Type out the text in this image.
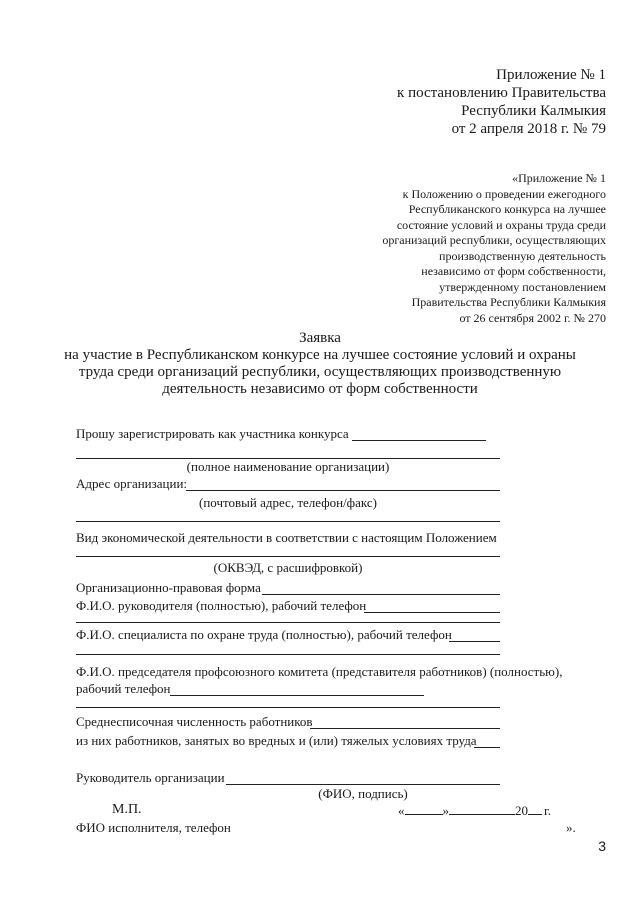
Приложение № 1
к постановлению Правительства
Республики Калмыкия
от 2 апреля 2018 г. № 79
«Приложение № 1
к Положению о проведении ежегодного
Республиканского конкурса на лучшее
состояние условий и охраны труда среди
организаций республики, осуществляющих
производственную деятельность
независимо от форм собственности,
утвержденному постановлением
Правительства Республики Калмыкия
от 26 сентября 2002 г. № 270
Заявка
на участие в Республиканском конкурсе на лучшее состояние условий и охраны
труда среди организаций республики, осуществляющих производственную
деятельность независимо от форм собственности
Прошу зарегистрировать как участника конкурса
(полное наименование организации)
Адрес организации:
(почтовый адрес, телефон/факс)
Вид экономической деятельности в соответствии с настоящим Положением
(ОКВЭД, с расшифровкой)
Организационно-правовая форма
Ф.И.О. руководителя (полностью), рабочий телефон
Ф.И.О. специалиста по охране труда (полностью), рабочий телефон
Ф.И.О. председателя профсоюзного комитета (представителя работников) (полностью),
рабочий телефон
Среднесписочная численность работников
из них работников, занятых во вредных и (или) тяжелых условиях труда
Руководитель организации
(ФИО, подпись)
М.П.	«	»	20 г.
ФИО исполнителя, телефон	».
3
